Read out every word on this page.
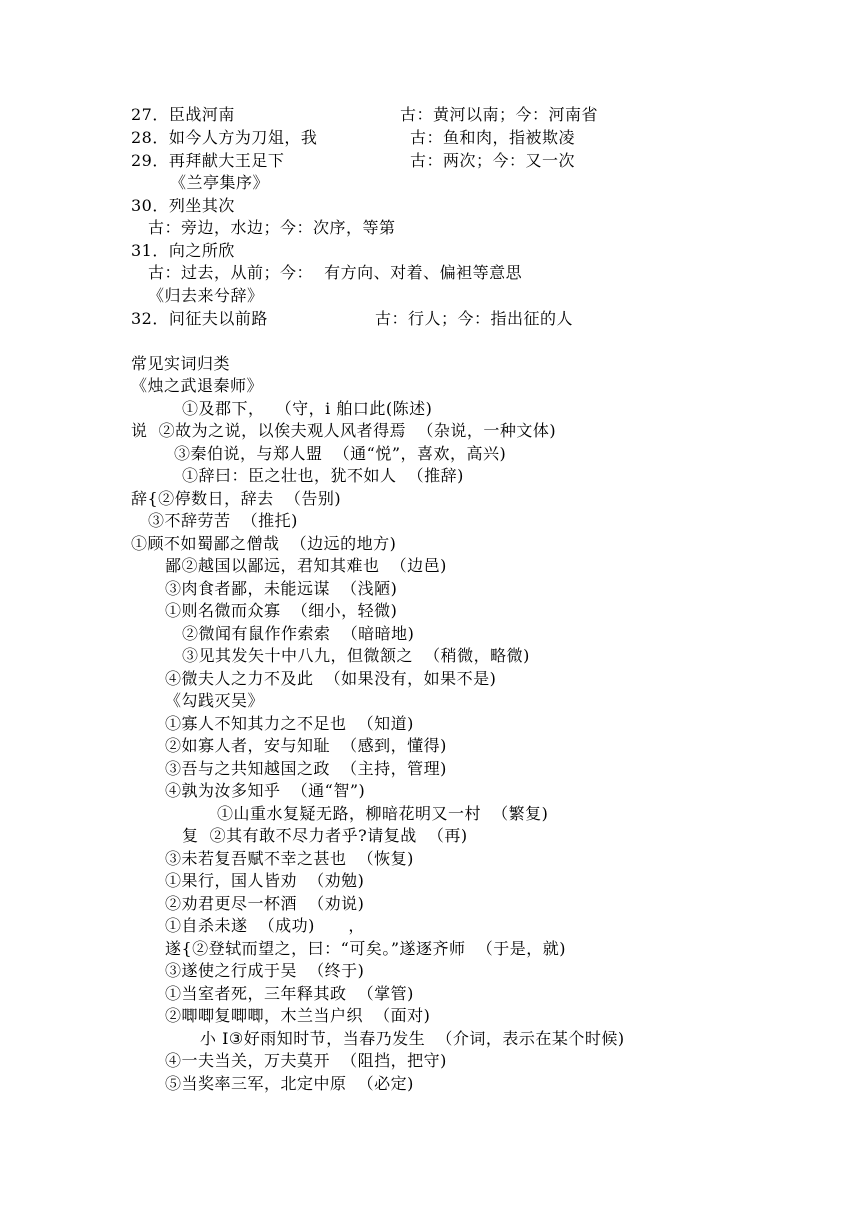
27．臣战河南	古：黄河以南；今：河南省
28．如今人方为刀俎，我	古：鱼和肉，指被欺凌
29．再拜献大王足下	古：两次；今：又一次
《兰亭集序》
30．列坐其次
古：旁边，水边；今：次序，等第
31．向之所欣
古：过去，从前；今：  有方向、对着、偏袒等意思
《归去来兮辞》
32．问征夫以前路	古：行人；今：指出征的人
常见实词归类
《烛之武退秦师》
①及郡下，  （守，i 舶口此(陈述)
说  ②故为之说，以俟夫观人风者得焉  （杂说，一种文体)
③秦伯说，与郑人盟  （通“悦”，喜欢，高兴)
①辞曰：臣之壮也，犹不如人  （推辞)
辞{②停数日，辞去  （告别)
③不辞劳苦  （推托)
①顾不如蜀鄙之僧哉  （边远的地方)
鄙②越国以鄙远，君知其难也  （边邑)
③肉食者鄙，未能远谋  （浅陋)
①则名微而众寡  （细小，轻微)
②微闻有鼠作作索索  （暗暗地)
③见其发矢十中八九，但微颔之  （稍微，略微)
④微夫人之力不及此  （如果没有，如果不是)
《勾践灭吴》
①寡人不知其力之不足也  （知道)
②如寡人者，安与知耻  （感到，懂得)
③吾与之共知越国之政  （主持，管理)
④孰为汝多知乎  （通“智”)
①山重水复疑无路，柳暗花明又一村  （繁复)
复  ②其有敢不尽力者乎?请复战  （再)
③未若复吾赋不幸之甚也  （恢复)
①果行，国人皆劝  （劝勉)
②劝君更尽一杯酒  （劝说)
①自杀未遂  （成功)      ，
遂{②登轼而望之，曰：“可矣。”遂逐齐师  （于是，就)
③遂使之行成于吴  （终于)
①当室者死，三年释其政  （掌管)
②唧唧复唧唧，木兰当户织  （面对)
小 I③好雨知时节，当春乃发生  （介词，表示在某个时候)
④一夫当关，万夫莫开  （阻挡，把守)
⑤当奖率三军，北定中原  （必定)
